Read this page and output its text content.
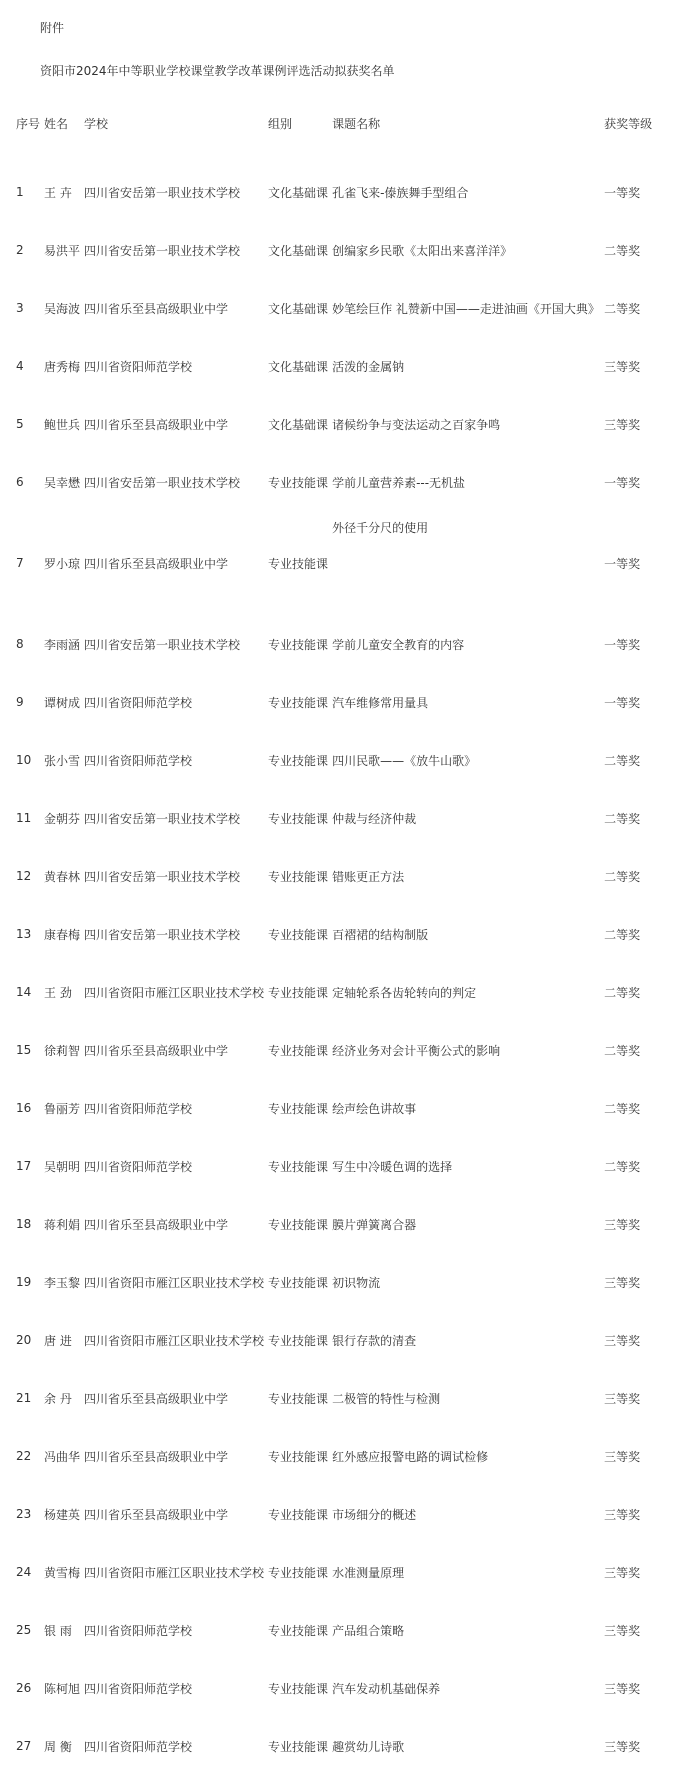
附件
资阳市2024年中等职业学校课堂教学改革课例评选活动拟获奖名单
序号	姓名	学校	组别	课题名称	获奖等级
1	王 卉	四川省安岳第一职业技术学校	文化基础课	孔雀飞来-傣族舞手型组合	一等奖
2	易洪平	四川省安岳第一职业技术学校	文化基础课	创编家乡民歌《太阳出来喜洋洋》	二等奖
3	吴海波	四川省乐至县高级职业中学	文化基础课	妙笔绘巨作 礼赞新中国——走进油画《开国大典》	二等奖
4	唐秀梅	四川省资阳师范学校	文化基础课	活泼的金属钠	三等奖
5	鲍世兵	四川省乐至县高级职业中学	文化基础课	诸候纷争与变法运动之百家争鸣	三等奖
6	吴幸懋	四川省安岳第一职业技术学校	专业技能课	学前儿童营养素---无机盐	一等奖
7	罗小琼	四川省乐至县高级职业中学	专业技能课	外径千分尺的使用	一等奖
8	李雨涵	四川省安岳第一职业技术学校	专业技能课	学前儿童安全教育的内容	一等奖
9	谭树成	四川省资阳师范学校	专业技能课	汽车维修常用量具	一等奖
10	张小雪	四川省资阳师范学校	专业技能课	四川民歌——《放牛山歌》	二等奖
11	金朝芬	四川省安岳第一职业技术学校	专业技能课	仲裁与经济仲裁	二等奖
12	黄春林	四川省安岳第一职业技术学校	专业技能课	错账更正方法	二等奖
13	康春梅	四川省安岳第一职业技术学校	专业技能课	百褶裙的结构制版	二等奖
14	王 劲	四川省资阳市雁江区职业技术学校	专业技能课	定轴轮系各齿轮转向的判定	二等奖
15	徐莉智	四川省乐至县高级职业中学	专业技能课	经济业务对会计平衡公式的影响	二等奖
16	鲁丽芳	四川省资阳师范学校	专业技能课	绘声绘色讲故事	二等奖
17	吴朝明	四川省资阳师范学校	专业技能课	写生中冷暖色调的选择	二等奖
18	蒋利娟	四川省乐至县高级职业中学	专业技能课	膜片弹簧离合器	三等奖
19	李玉黎	四川省资阳市雁江区职业技术学校	专业技能课	初识物流	三等奖
20	唐 进	四川省资阳市雁江区职业技术学校	专业技能课	银行存款的清查	三等奖
21	余 丹	四川省乐至县高级职业中学	专业技能课	二极管的特性与检测	三等奖
22	冯曲华	四川省乐至县高级职业中学	专业技能课	红外感应报警电路的调试检修	三等奖
23	杨建英	四川省乐至县高级职业中学	专业技能课	市场细分的概述	三等奖
24	黄雪梅	四川省资阳市雁江区职业技术学校	专业技能课	水准测量原理	三等奖
25	银 雨	四川省资阳师范学校	专业技能课	产品组合策略	三等奖
26	陈柯旭	四川省资阳师范学校	专业技能课	汽车发动机基础保养	三等奖
27	周 衡	四川省资阳师范学校	专业技能课	趣赏幼儿诗歌	三等奖
